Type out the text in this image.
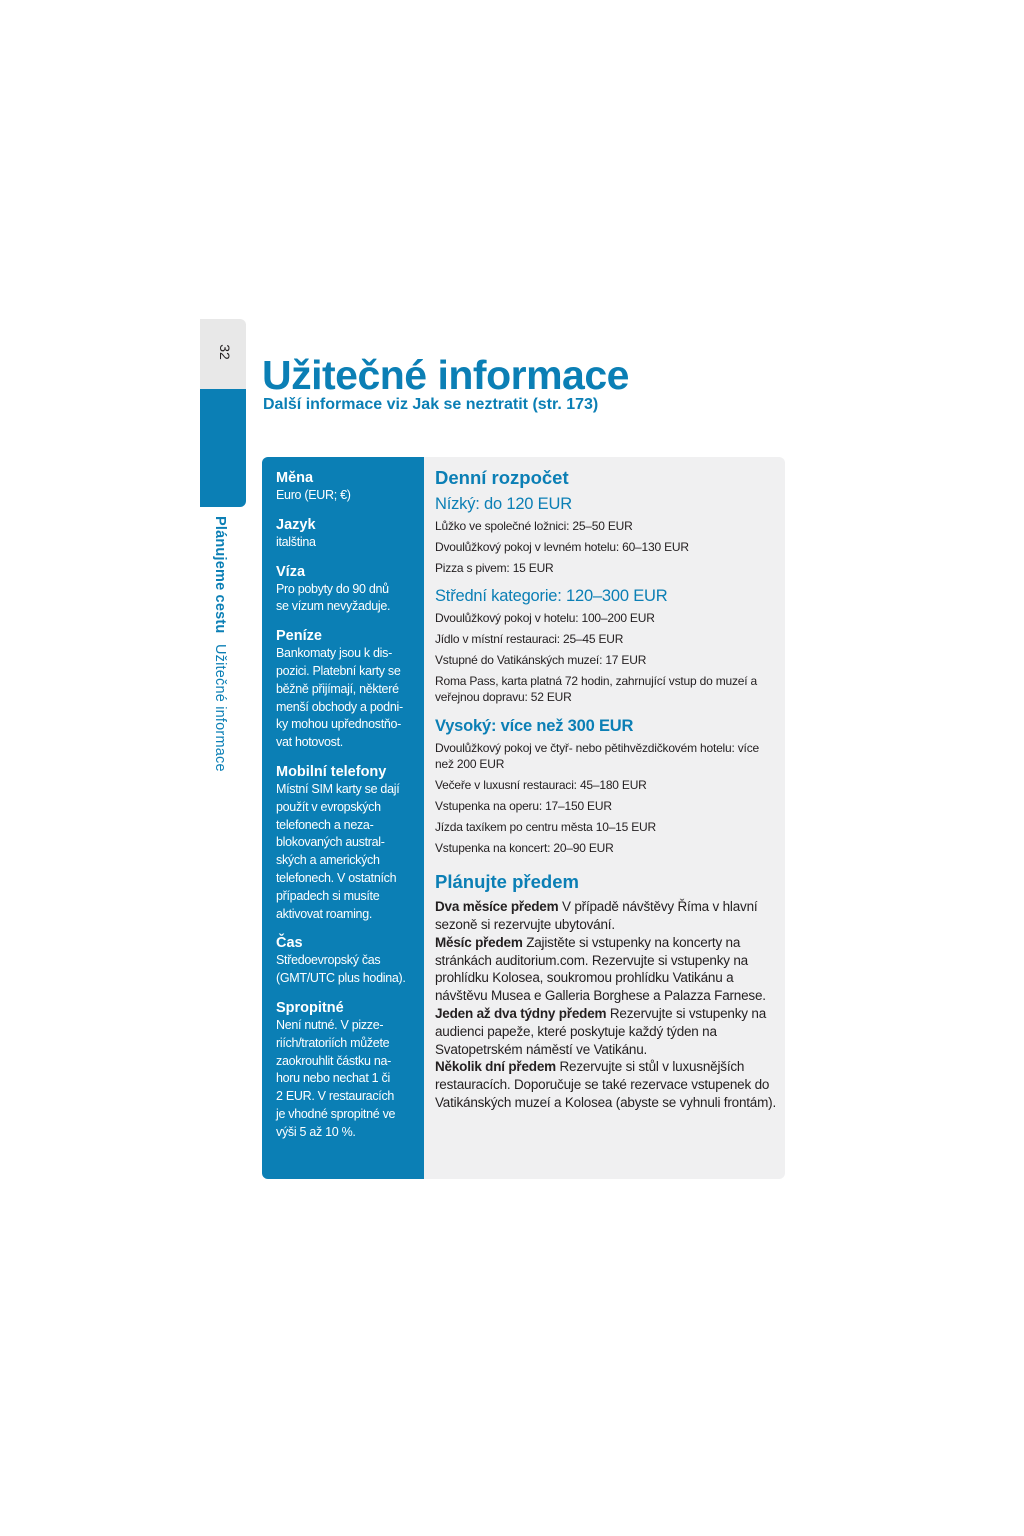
32
Plánujeme cestu Užitečné informace
Užitečné informace
Další informace viz Jak se neztratit (str. 173)
Měna
Euro (EUR; €)
Jazyk
italština
Víza
Pro pobyty do 90 dnů
se vízum nevyžaduje.
Peníze
Bankomaty jsou k dis-
pozici. Platební karty se
běžně přijímají, některé
menší obchody a podni-
ky mohou upřednostňo-
vat hotovost.
Mobilní telefony
Místní SIM karty se dají
použít v evropských
telefonech a neza-
blokovaných austral-
ských a amerických
telefonech. V ostatních
případech si musíte
aktivovat roaming.
Čas
Středoevropský čas
(GMT/UTC plus hodina).
Spropitné
Není nutné. V pizze-
riích/tratoriích můžete
zaokrouhlit částku na-
horu nebo nechat 1 či
2 EUR. V restauracích
je vhodné spropitné ve
výši 5 až 10 %.
Denní rozpočet
Nízký: do 120 EUR
Lůžko ve společné ložnici: 25–50 EUR
Dvoulůžkový pokoj v levném hotelu: 60–130 EUR
Pizza s pivem: 15 EUR
Střední kategorie: 120–300 EUR
Dvoulůžkový pokoj v hotelu: 100–200 EUR
Jídlo v místní restauraci: 25–45 EUR
Vstupné do Vatikánských muzeí: 17 EUR
Roma Pass, karta platná 72 hodin, zahrnující vstup do muzeí a veřejnou dopravu: 52 EUR
Vysoký: více než 300 EUR
Dvoulůžkový pokoj ve čtyř- nebo pětihvězdičkovém hotelu: více než 200 EUR
Večeře v luxusní restauraci: 45–180 EUR
Vstupenka na operu: 17–150 EUR
Jízda taxíkem po centru města 10–15 EUR
Vstupenka na koncert: 20–90 EUR
Plánujte předem

Dva měsíce předem V případě návštěvy Říma v hlavní sezoně si rezervujte ubytování.

Měsíc předem Zajistěte si vstupenky na koncerty na stránkách auditorium.com. Rezervujte si vstupenky na prohlídku Kolosea, soukromou prohlídku Vatikánu a návštěvu Musea e Galleria Borghese a Palazza Farnese.

Jeden až dva týdny předem Rezervujte si vstupenky na audienci papeže, které poskytuje každý týden na Svatopetrském náměstí ve Vatikánu.

Několik dní předem Rezervujte si stůl v luxusnějších restauracích. Doporučuje se také rezervace vstupenek do Vatikánských muzeí a Kolosea (abyste se vyhnuli frontám).
